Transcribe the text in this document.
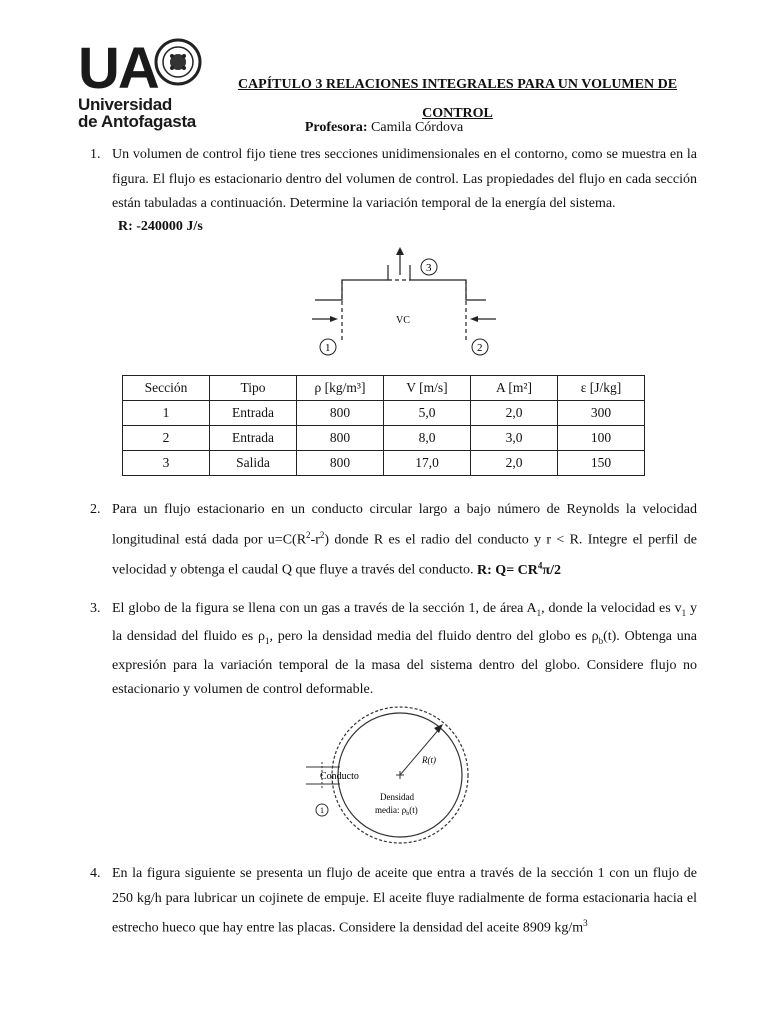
UA
Universidad
de Antofagasta
CAPÍTULO 3 RELACIONES INTEGRALES PARA UN VOLUMEN DE
CONTROL
Profesora: Camila Córdova
1. Un volumen de control fijo tiene tres secciones unidimensionales en el contorno, como se muestra en la figura. El flujo es estacionario dentro del volumen de control. Las propiedades del flujo en cada sección están tabuladas a continuación. Determine la variación temporal de la energía del sistema.
R: -240000 J/s
1	2
3
VC
Sección	Tipo	ρ [kg/m³]	V [m/s]	A [m²]	ε [J/kg]
1	Entrada	800	5,0	2,0	300
2	Entrada	800	8,0	3,0	100
3	Salida	800	17,0	2,0	150
2. Para un flujo estacionario en un conducto circular largo a bajo número de Reynolds la velocidad longitudinal está dada por $u=C(R^2-r^2)$ donde R es el radio del conducto y r < R. Integre el perfil de velocidad y obtenga el caudal Q que fluye a través del conducto. R: $Q= CR^4\pi/2$
3. El globo de la figura se llena con un gas a través de la sección 1, de área $A_1$, donde la velocidad es $v_1$ y la densidad del fluido es $\rho_1$, pero la densidad media del fluido dentro del globo es $\rho_b(t)$. Obtenga una expresión para la variación temporal de la masa del sistema dentro del globo. Considere flujo no estacionario y volumen de control deformable.
1
Conducto
R(t)
Densidad
media: $\rho_b(t)$
4. En la figura siguiente se presenta un flujo de aceite que entra a través de la sección 1 con un flujo de 250 kg/h para lubricar un cojinete de empuje. El aceite fluye radialmente de forma estacionaria hacia el estrecho hueco que hay entre las placas. Considere la densidad del aceite 8909 $kg/m^3$
